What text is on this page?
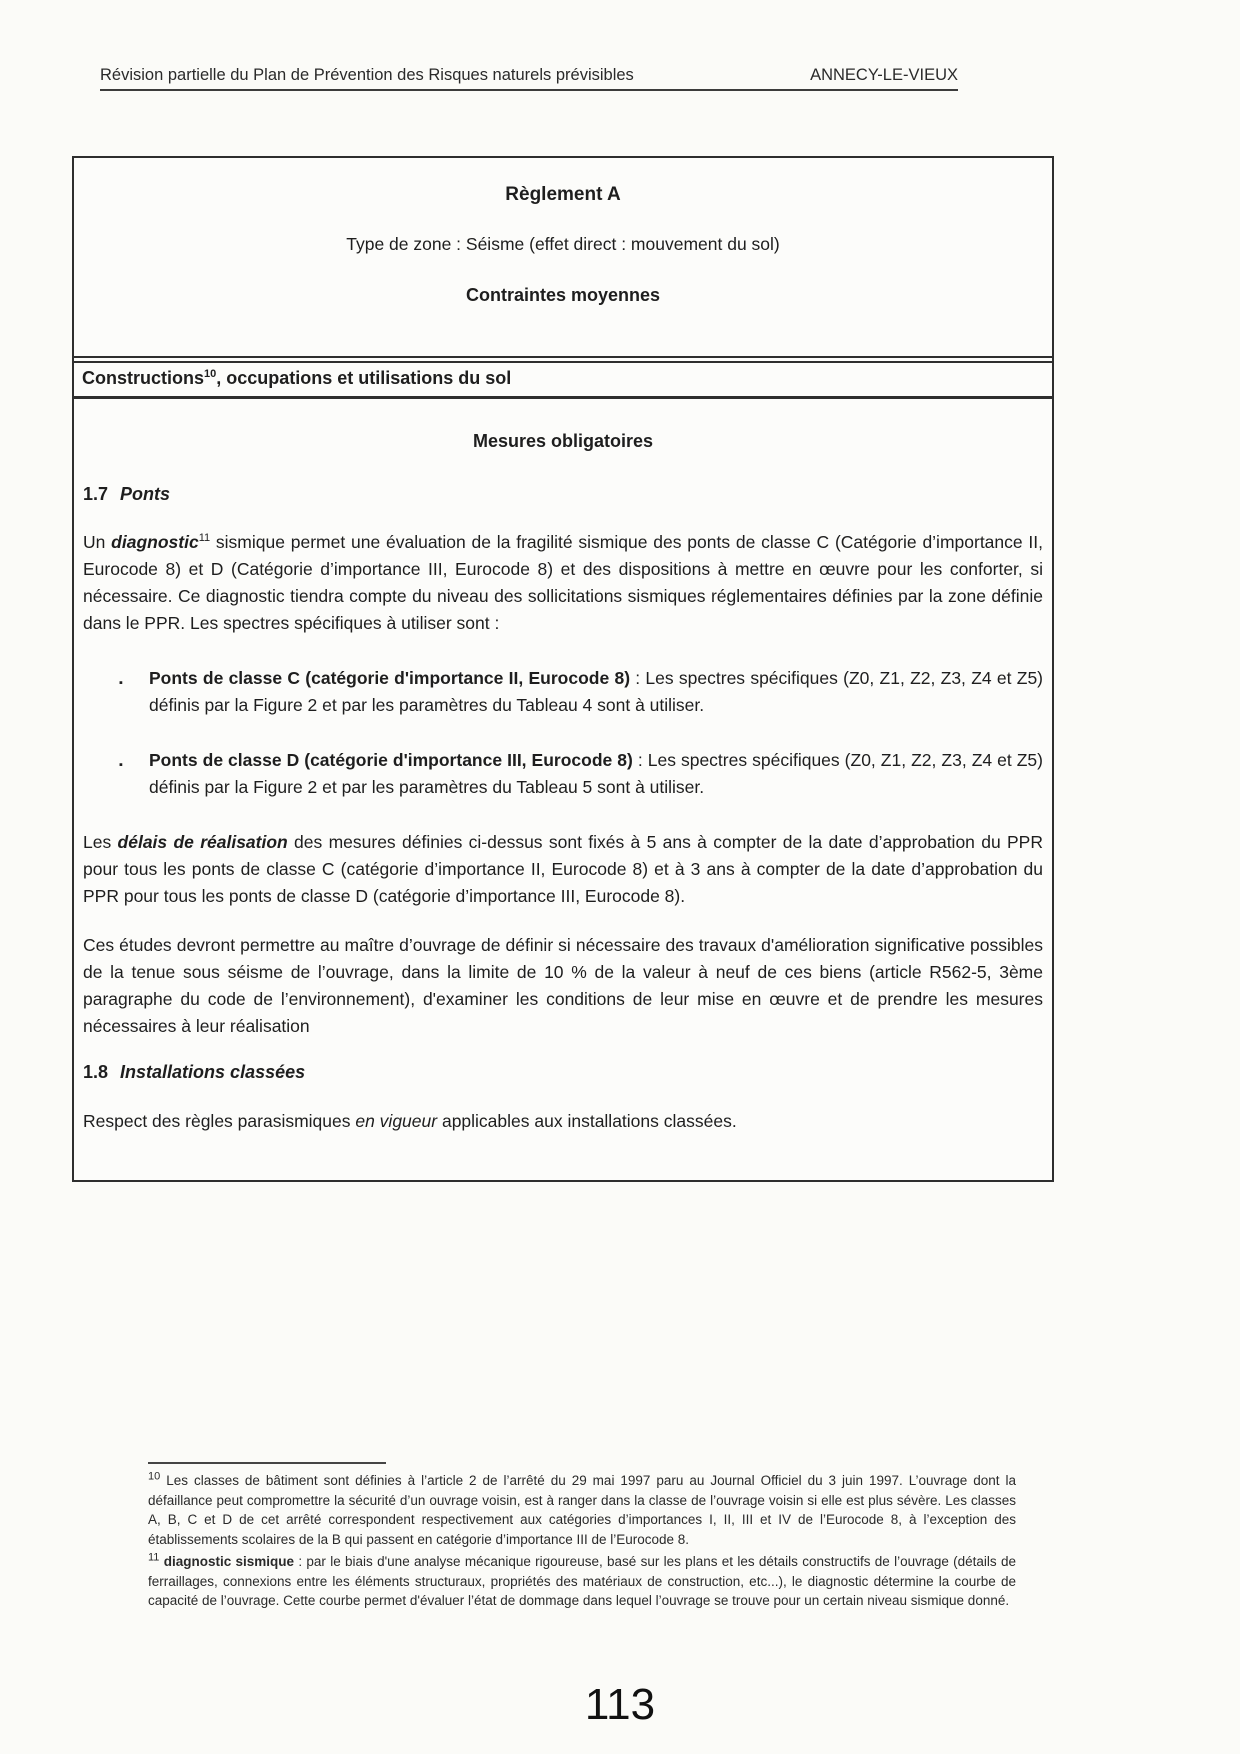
Révision partielle du Plan de Prévention des Risques naturels prévisibles	ANNECY-LE-VIEUX
Règlement A
Type de zone : Séisme (effet direct : mouvement du sol)
Contraintes moyennes
Constructions$^{10}$, occupations et utilisations du sol
Mesures obligatoires
1.7 Ponts
Un diagnostic$^{11}$ sismique permet une évaluation de la fragilité sismique des ponts de classe C (Catégorie d’importance II, Eurocode 8) et D (Catégorie d’importance III, Eurocode 8) et des dispositions à mettre en œuvre pour les conforter, si nécessaire. Ce diagnostic tiendra compte du niveau des sollicitations sismiques réglementaires définies par la zone définie dans le PPR. Les spectres spécifiques à utiliser sont :
▪	Ponts de classe C (catégorie d'importance II, Eurocode 8) : Les spectres spécifiques (Z0, Z1, Z2, Z3, Z4 et Z5) définis par la Figure 2 et par les paramètres du Tableau 4 sont à utiliser.
▪	Ponts de classe D (catégorie d'importance III, Eurocode 8) : Les spectres spécifiques (Z0, Z1, Z2, Z3, Z4 et Z5) définis par la Figure 2 et par les paramètres du Tableau 5 sont à utiliser.
Les délais de réalisation des mesures définies ci-dessus sont fixés à 5 ans à compter de la date d’approbation du PPR pour tous les ponts de classe C (catégorie d’importance II, Eurocode 8) et à 3 ans à compter de la date d’approbation du PPR pour tous les ponts de classe D (catégorie d’importance III, Eurocode 8).
Ces études devront permettre au maître d’ouvrage de définir si nécessaire des travaux d'amélioration significative possibles de la tenue sous séisme de l’ouvrage, dans la limite de 10 % de la valeur à neuf de ces biens (article R562-5, 3ème paragraphe du code de l’environnement), d'examiner les conditions de leur mise en œuvre et de prendre les mesures nécessaires à leur réalisation
1.8 Installations classées
Respect des règles parasismiques en vigueur applicables aux installations classées.
$^{10}$ Les classes de bâtiment sont définies à l’article 2 de l’arrêté du 29 mai 1997 paru au Journal Officiel du 3 juin 1997. L’ouvrage dont la défaillance peut compromettre la sécurité d’un ouvrage voisin, est à ranger dans la classe de l’ouvrage voisin si elle est plus sévère. Les classes A, B, C et D de cet arrêté correspondent respectivement aux catégories d’importances I, II, III et IV de l’Eurocode 8, à l’exception des établissements scolaires de la B qui passent en catégorie d’importance III de l’Eurocode 8.
$^{11}$ diagnostic sismique : par le biais d'une analyse mécanique rigoureuse, basé sur les plans et les détails constructifs de l’ouvrage (détails de ferraillages, connexions entre les éléments structuraux, propriétés des matériaux de construction, etc...), le diagnostic détermine la courbe de capacité de l’ouvrage. Cette courbe permet d'évaluer l’état de dommage dans lequel l’ouvrage se trouve pour un certain niveau sismique donné.
113
